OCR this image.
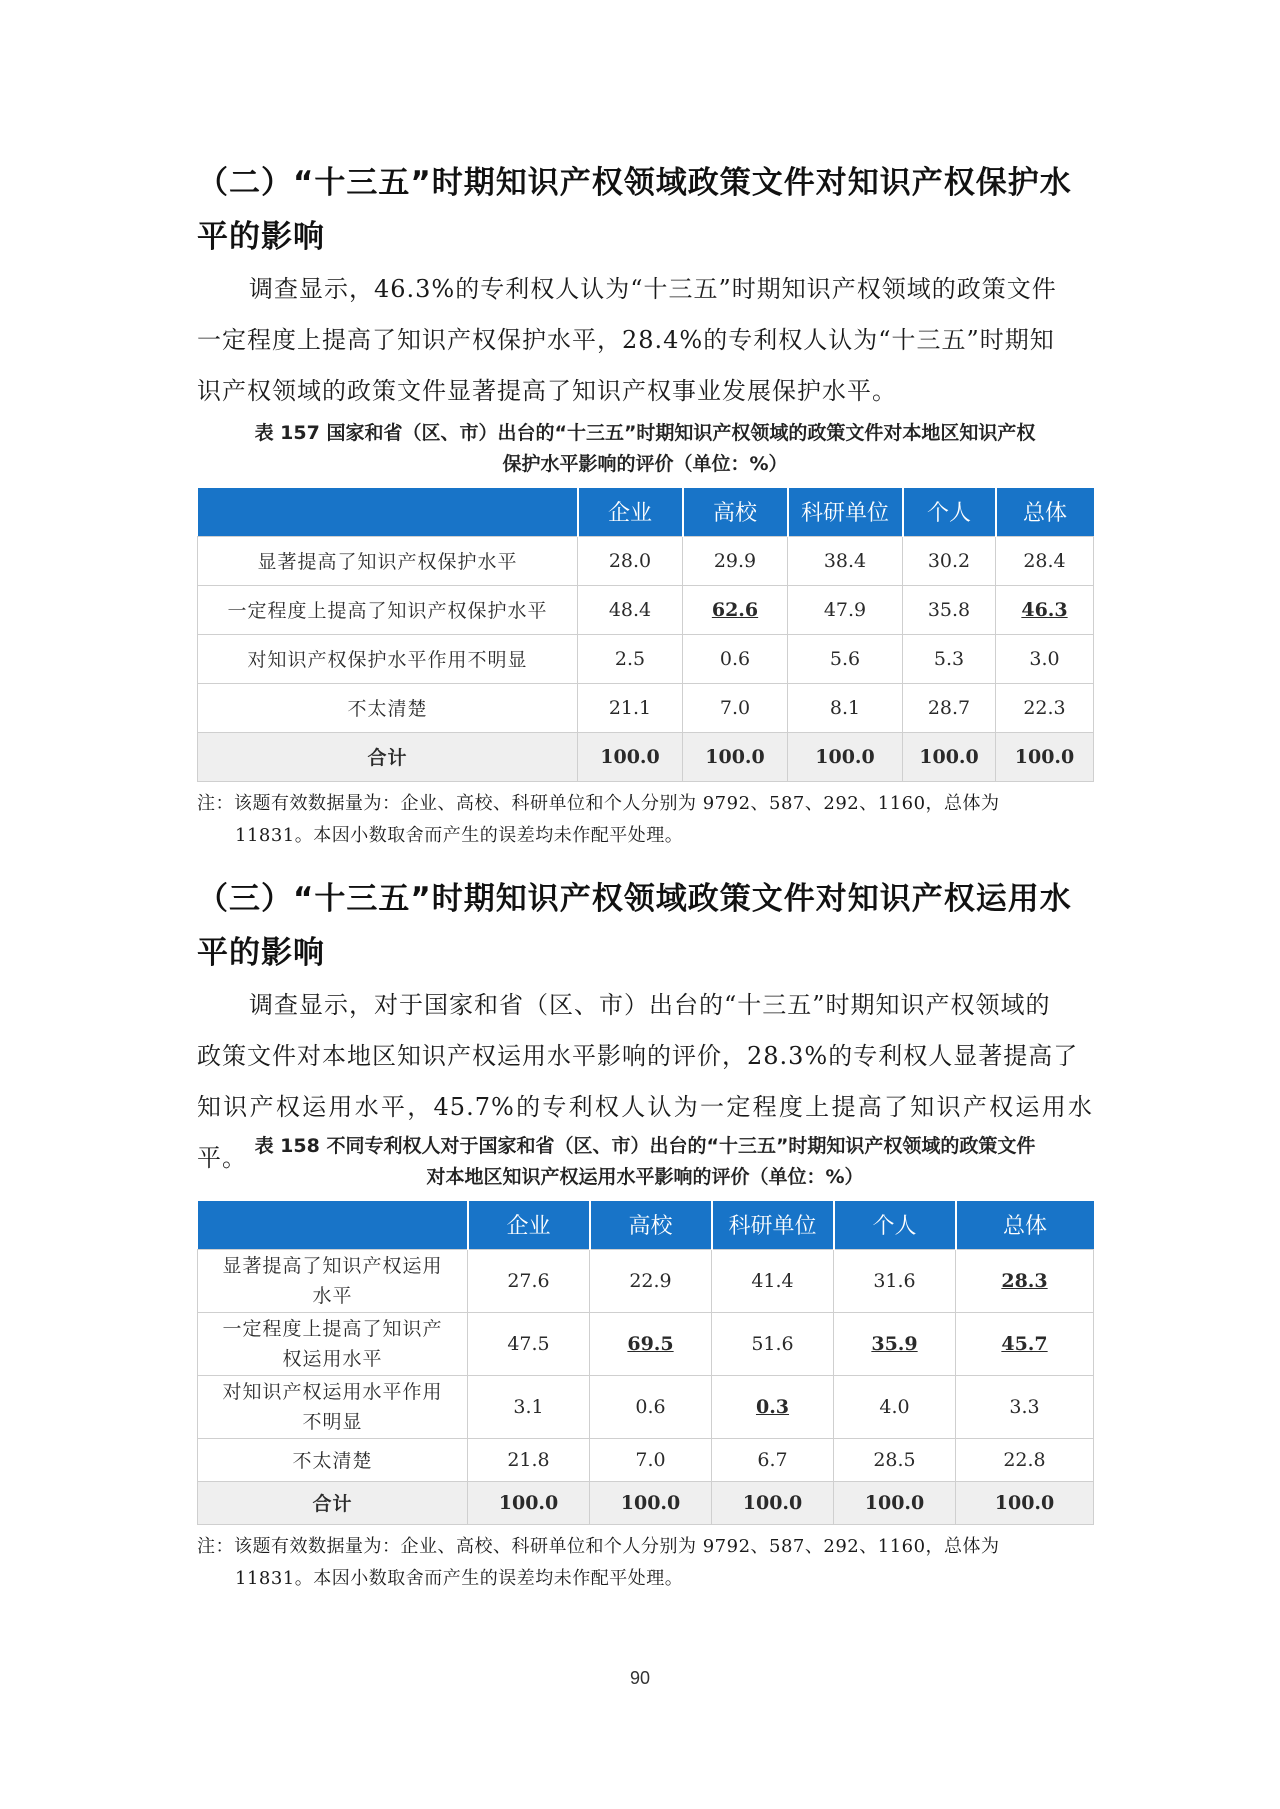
（二）“十三五”时期知识产权领域政策文件对知识产权保护水
平的影响

调查显示，46.3%的专利权人认为“十三五”时期知识产权领域的政策文件
一定程度上提高了知识产权保护水平，28.4%的专利权人认为“十三五”时期知
识产权领域的政策文件显著提高了知识产权事业发展保护水平。

表 157 国家和省（区、市）出台的“十三五”时期知识产权领域的政策文件对本地区知识产权
保护水平影响的评价（单位：%）

	企业	高校	科研单位	个人	总体
显著提高了知识产权保护水平	28.0	29.9	38.4	30.2	28.4
一定程度上提高了知识产权保护水平	48.4	62.6	47.9	35.8	46.3
对知识产权保护水平作用不明显	2.5	0.6	5.6	5.3	3.0
不太清楚	21.1	7.0	8.1	28.7	22.3
合计	100.0	100.0	100.0	100.0	100.0

注：该题有效数据量为：企业、高校、科研单位和个人分别为 9792、587、292、1160，总体为
11831。本因小数取舍而产生的误差均未作配平处理。

（三）“十三五”时期知识产权领域政策文件对知识产权运用水
平的影响

调查显示，对于国家和省（区、市）出台的“十三五”时期知识产权领域的
政策文件对本地区知识产权运用水平影响的评价，28.3%的专利权人显著提高了
知识产权运用水平，45.7%的专利权人认为一定程度上提高了知识产权运用水平。 表 158 不同专利权人对于国家和省（区、市）出台的“十三五”时期知识产权领域的政策文件
对本地区知识产权运用水平影响的评价（单位：%）

	企业	高校	科研单位	个人	总体
显著提高了知识产权运用
水平	27.6	22.9	41.4	31.6	28.3
一定程度上提高了知识产
权运用水平	47.5	69.5	51.6	35.9	45.7
对知识产权运用水平作用
不明显	3.1	0.6	0.3	4.0	3.3
不太清楚	21.8	7.0	6.7	28.5	22.8
合计	100.0	100.0	100.0	100.0	100.0

注：该题有效数据量为：企业、高校、科研单位和个人分别为 9792、587、292、1160，总体为
11831。本因小数取舍而产生的误差均未作配平处理。

90
